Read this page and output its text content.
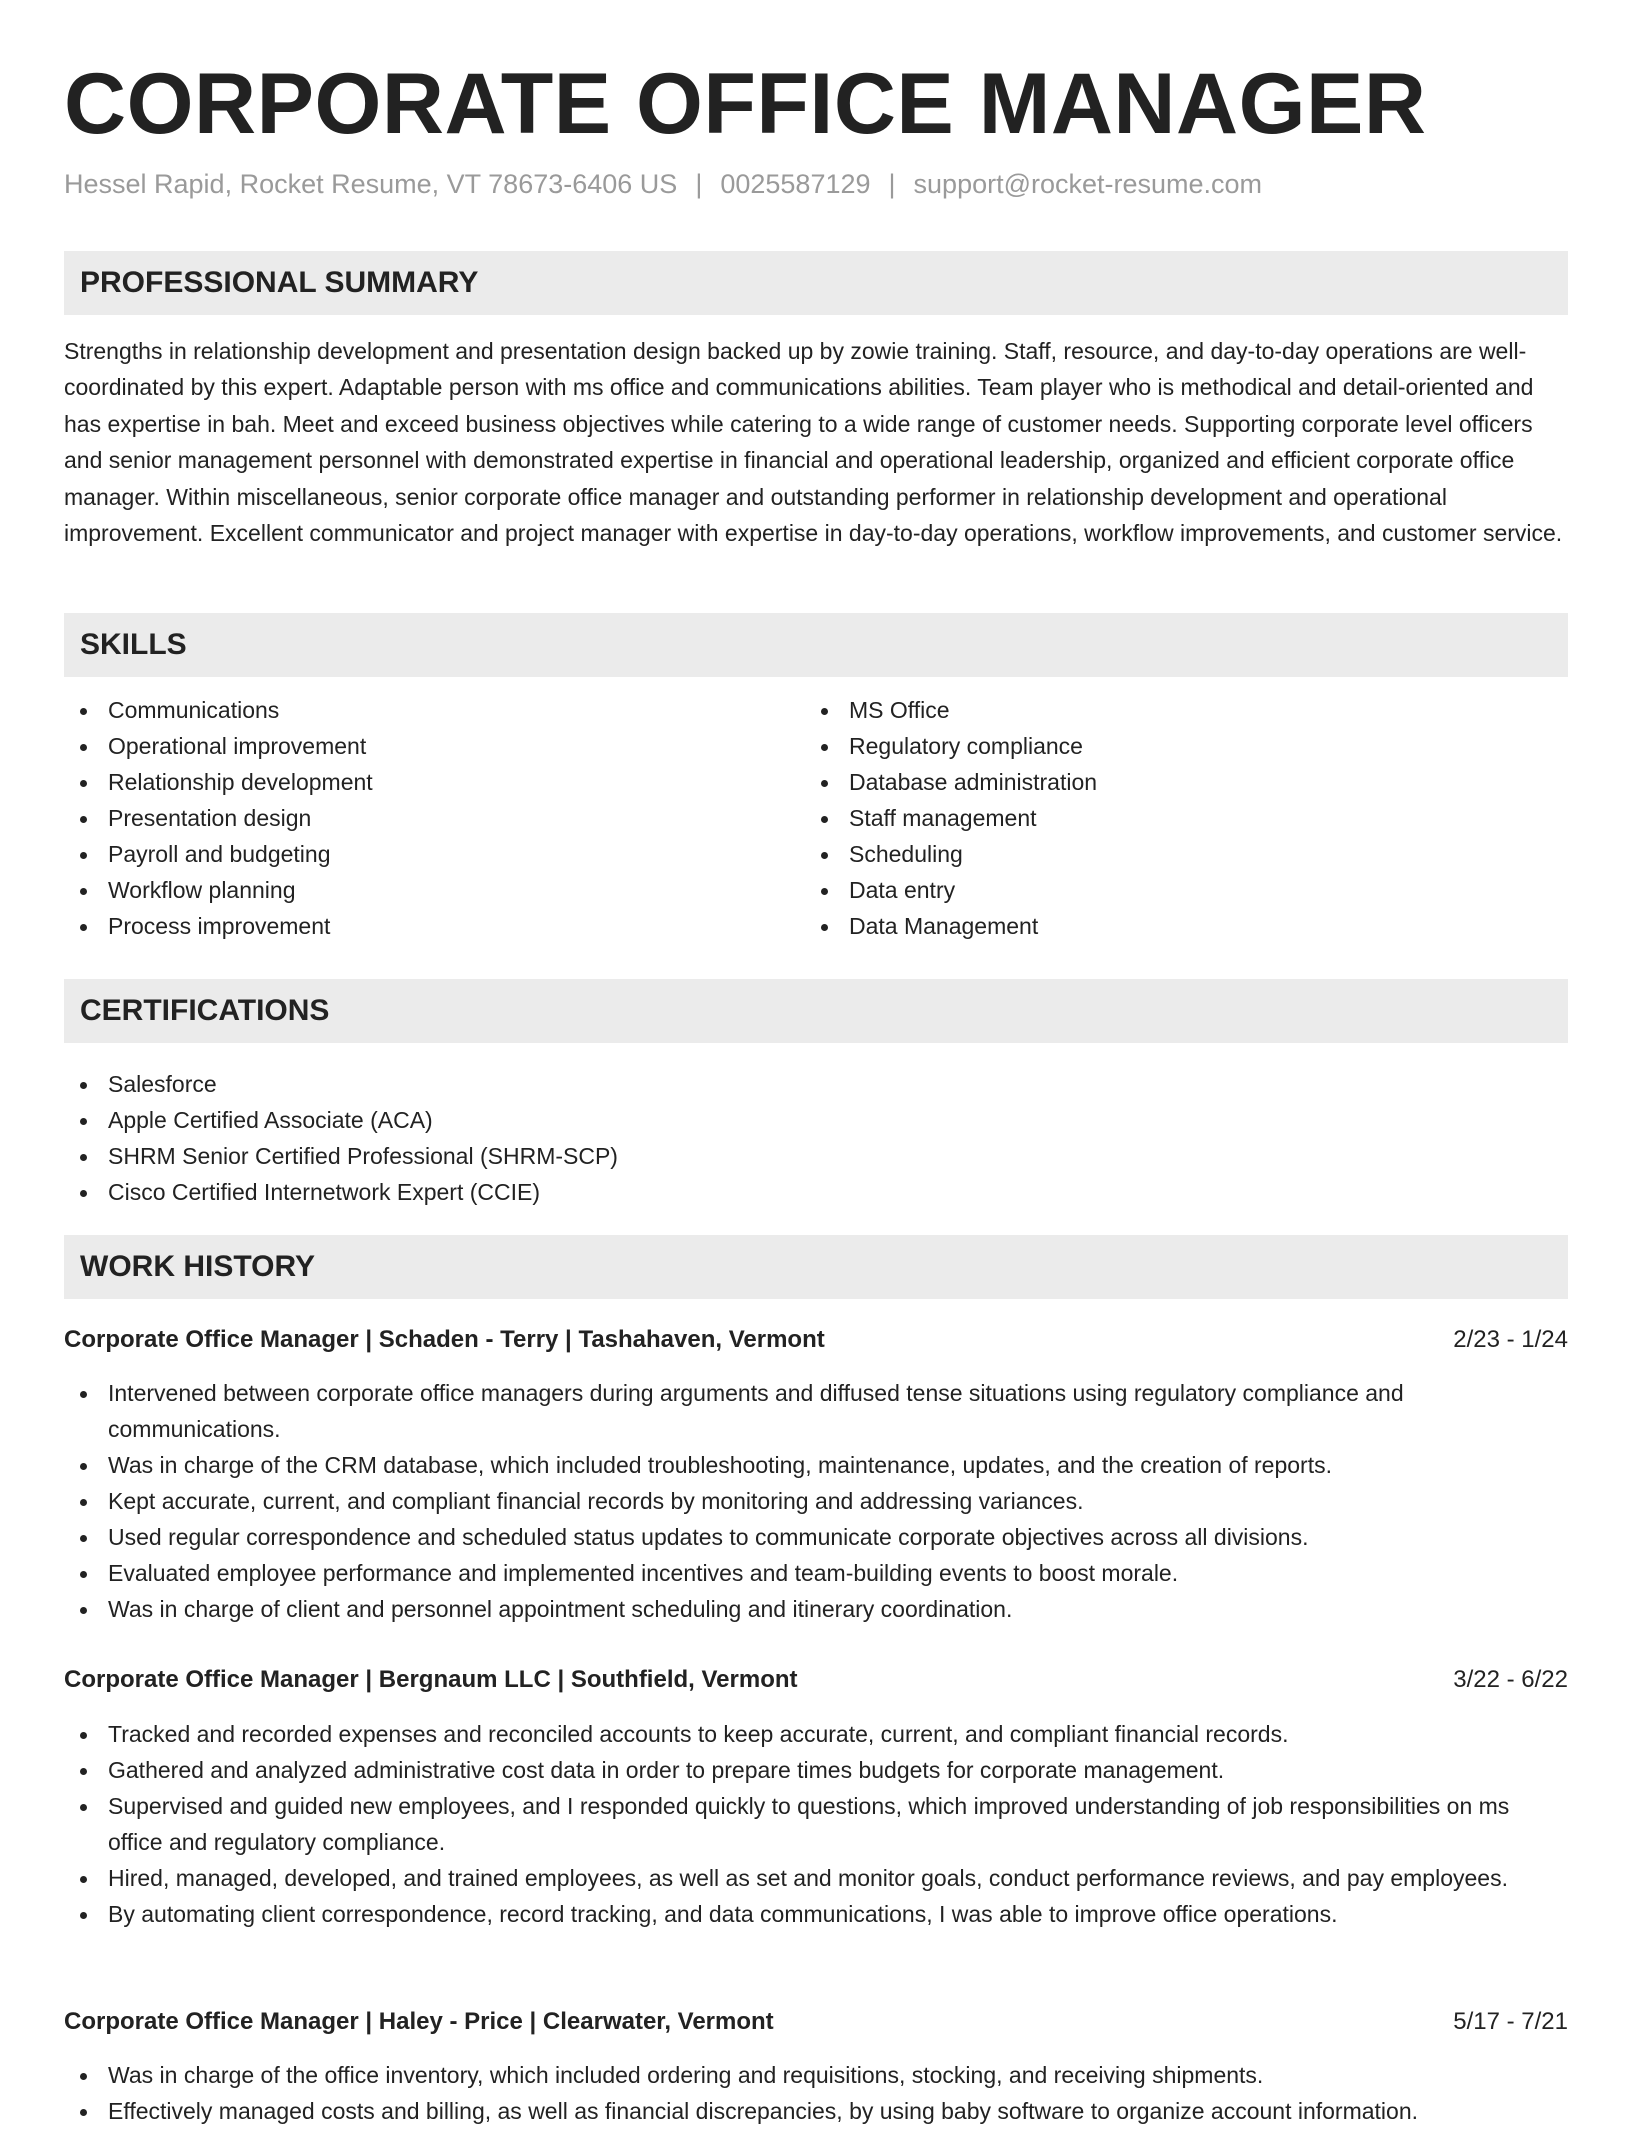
CORPORATE OFFICE MANAGER
Hessel Rapid, Rocket Resume, VT 78673-6406 US | 0025587129 | support@rocket-resume.com
PROFESSIONAL SUMMARY

Strengths in relationship development and presentation design backed up by zowie training. Staff, resource, and day-to-day operations are well-coordinated by this expert. Adaptable person with ms office and communications abilities. Team player who is methodical and detail-oriented and has expertise in bah. Meet and exceed business objectives while catering to a wide range of customer needs. Supporting corporate level officers and senior management personnel with demonstrated expertise in financial and operational leadership, organized and efficient corporate office manager. Within miscellaneous, senior corporate office manager and outstanding performer in relationship development and operational improvement. Excellent communicator and project manager with expertise in day-to-day operations, workflow improvements, and customer service.

SKILLS
Communications
Operational improvement
Relationship development
Presentation design
Payroll and budgeting
Workflow planning
Process improvement
MS Office
Regulatory compliance
Database administration
Staff management
Scheduling
Data entry
Data Management
CERTIFICATIONS
Salesforce
Apple Certified Associate (ACA)
SHRM Senior Certified Professional (SHRM-SCP)
Cisco Certified Internetwork Expert (CCIE)
WORK HISTORY
Corporate Office Manager | Schaden - Terry | Tashahaven, Vermont	2/23 - 1/24
Intervened between corporate office managers during arguments and diffused tense situations using regulatory compliance and communications.
Was in charge of the CRM database, which included troubleshooting, maintenance, updates, and the creation of reports.
Kept accurate, current, and compliant financial records by monitoring and addressing variances.
Used regular correspondence and scheduled status updates to communicate corporate objectives across all divisions.
Evaluated employee performance and implemented incentives and team-building events to boost morale.
Was in charge of client and personnel appointment scheduling and itinerary coordination.
Corporate Office Manager | Bergnaum LLC | Southfield, Vermont	3/22 - 6/22
Tracked and recorded expenses and reconciled accounts to keep accurate, current, and compliant financial records.
Gathered and analyzed administrative cost data in order to prepare times budgets for corporate management.
Supervised and guided new employees, and I responded quickly to questions, which improved understanding of job responsibilities on ms office and regulatory compliance.
Hired, managed, developed, and trained employees, as well as set and monitor goals, conduct performance reviews, and pay employees.
By automating client correspondence, record tracking, and data communications, I was able to improve office operations.
Corporate Office Manager | Haley - Price | Clearwater, Vermont	5/17 - 7/21
Was in charge of the office inventory, which included ordering and requisitions, stocking, and receiving shipments.
Effectively managed costs and billing, as well as financial discrepancies, by using baby software to organize account information.
